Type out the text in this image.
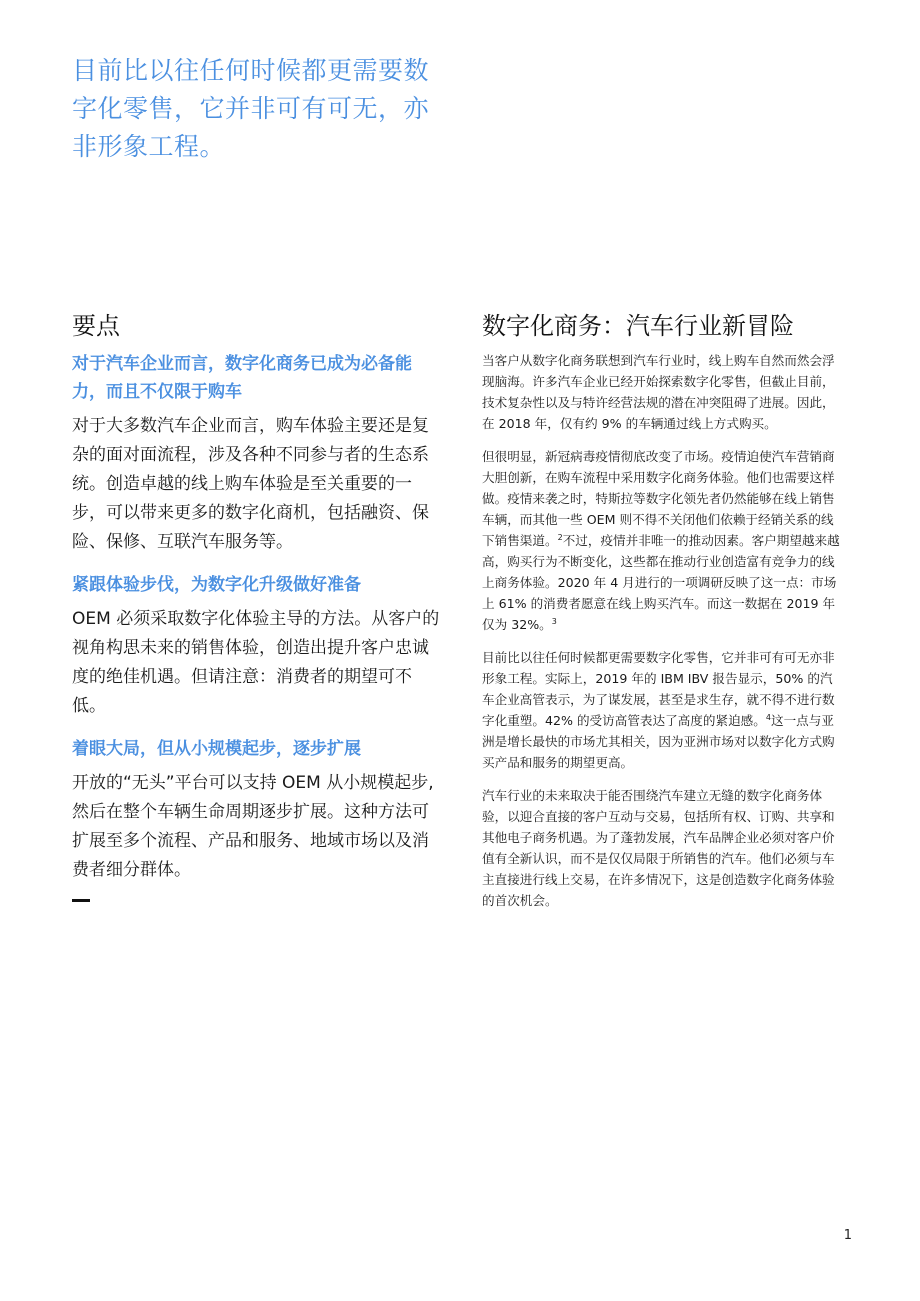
目前比以往任何时候都更需要数字化零售，它并非可有可无，亦非形象工程。
要点
对于汽车企业而言，数字化商务已成为必备能力，而且不仅限于购车
对于大多数汽车企业而言，购车体验主要还是复杂的面对面流程，涉及各种不同参与者的生态系统。创造卓越的线上购车体验是至关重要的一步，可以带来更多的数字化商机，包括融资、保险、保修、互联汽车服务等。
紧跟体验步伐，为数字化升级做好准备
OEM 必须采取数字化体验主导的方法。从客户的视角构思未来的销售体验，创造出提升客户忠诚度的绝佳机遇。但请注意：消费者的期望可不低。
着眼大局，但从小规模起步，逐步扩展
开放的“无头”平台可以支持 OEM 从小规模起步, 然后在整个车辆生命周期逐步扩展。这种方法可扩展至多个流程、产品和服务、地域市场以及消费者细分群体。
数字化商务：汽车行业新冒险

当客户从数字化商务联想到汽车行业时，线上购车自然而然会浮现脑海。许多汽车企业已经开始探索数字化零售，但截止目前，技术复杂性以及与特许经营法规的潜在冲突阻碍了进展。因此，在 2018 年，仅有约 9% 的车辆通过线上方式购买。

但很明显，新冠病毒疫情彻底改变了市场。疫情迫使汽车营销商大胆创新，在购车流程中采用数字化商务体验。他们也需要这样做。疫情来袭之时，特斯拉等数字化领先者仍然能够在线上销售车辆，而其他一些 OEM 则不得不关闭他们依赖于经销关系的线下销售渠道。$^2$不过，疫情并非唯一的推动因素。客户期望越来越高，购买行为不断变化，这些都在推动行业创造富有竞争力的线上商务体验。2020 年 4 月进行的一项调研反映了这一点：市场上 61% 的消费者愿意在线上购买汽车。而这一数据在 2019 年仅为 32%。$^3$

目前比以往任何时候都更需要数字化零售，它并非可有可无亦非形象工程。实际上，2019 年的 IBM IBV 报告显示，50% 的汽车企业高管表示，为了谋发展，甚至是求生存，就不得不进行数字化重塑。42% 的受访高管表达了高度的紧迫感。$^4$这一点与亚洲是增长最快的市场尤其相关，因为亚洲市场对以数字化方式购买产品和服务的期望更高。

汽车行业的未来取决于能否围绕汽车建立无缝的数字化商务体验，以迎合直接的客户互动与交易，包括所有权、订购、共享和其他电子商务机遇。为了蓬勃发展，汽车品牌企业必须对客户价值有全新认识，而不是仅仅局限于所销售的汽车。他们必须与车主直接进行线上交易，在许多情况下，这是创造数字化商务体验的首次机会。

1
